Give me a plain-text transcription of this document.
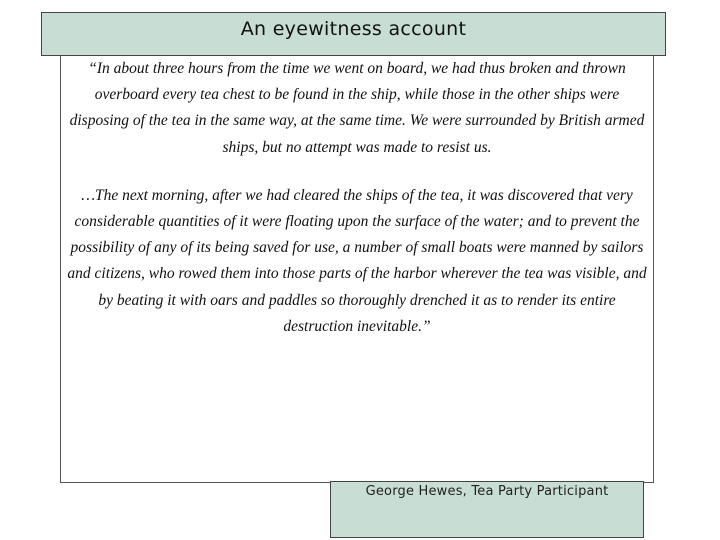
An eyewitness account

“In about three hours from the time we went on board, we had thus broken and thrown overboard every tea chest to be found in the ship, while those in the other ships were disposing of the tea in the same way, at the same time. We were surrounded by British armed ships, but no attempt was made to resist us.

…The next morning, after we had cleared the ships of the tea, it was discovered that very considerable quantities of it were floating upon the surface of the water; and to prevent the possibility of any of its being saved for use, a number of small boats were manned by sailors and citizens, who rowed them into those parts of the harbor wherever the tea was visible, and by beating it with oars and paddles so thoroughly drenched it as to render its entire destruction inevitable.”

George Hewes, Tea Party Participant
